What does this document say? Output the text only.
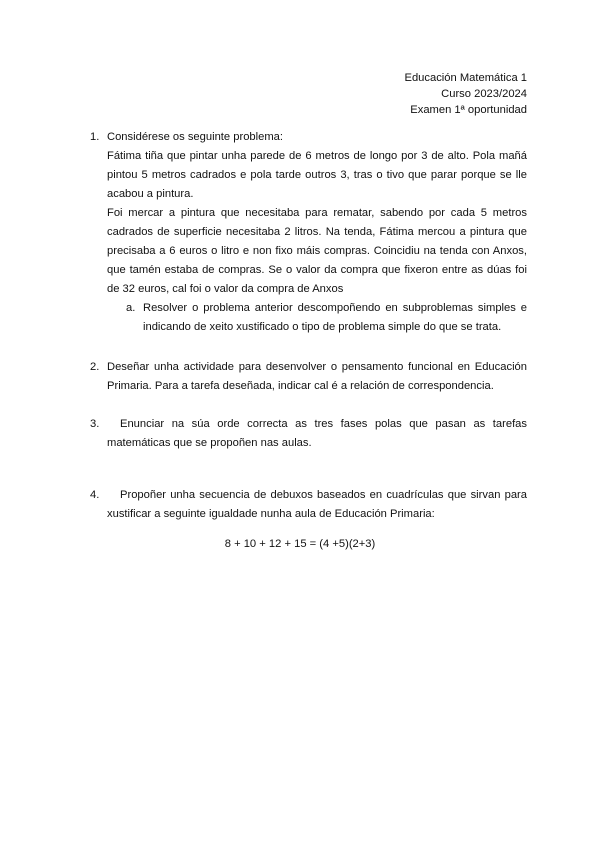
Educación Matemática 1
Curso 2023/2024
Examen 1ª oportunidad
1. Considérese os seguinte problema:

Fátima tiña que pintar unha parede de 6 metros de longo por 3 de alto. Pola mañá pintou 5 metros cadrados e pola tarde outros 3, tras o tivo que parar porque se lle acabou a pintura.

Foi mercar a pintura que necesitaba para rematar, sabendo por cada 5 metros cadrados de superficie necesitaba 2 litros. Na tenda, Fátima mercou a pintura que precisaba a 6 euros o litro e non fixo máis compras. Coincidiu na tenda con Anxos, que tamén estaba de compras. Se o valor da compra que fixeron entre as dúas foi de 32 euros, cal foi o valor da compra de Anxos

a. Resolver o problema anterior descompoñendo en subproblemas simples e indicando de xeito xustificado o tipo de problema simple do que se trata.

2. Deseñar unha actividade para desenvolver o pensamento funcional en Educación Primaria. Para a tarefa deseñada, indicar cal é a relación de correspondencia.

3.	Enunciar na súa orde correcta as tres fases polas que pasan as tarefas matemáticas que se propoñen nas aulas.

4.	Propoñer unha secuencia de debuxos baseados en cuadrículas que sirvan para xustificar a seguinte igualdade nunha aula de Educación Primaria:

8 + 10 + 12 + 15 = (4 +5)(2+3)
